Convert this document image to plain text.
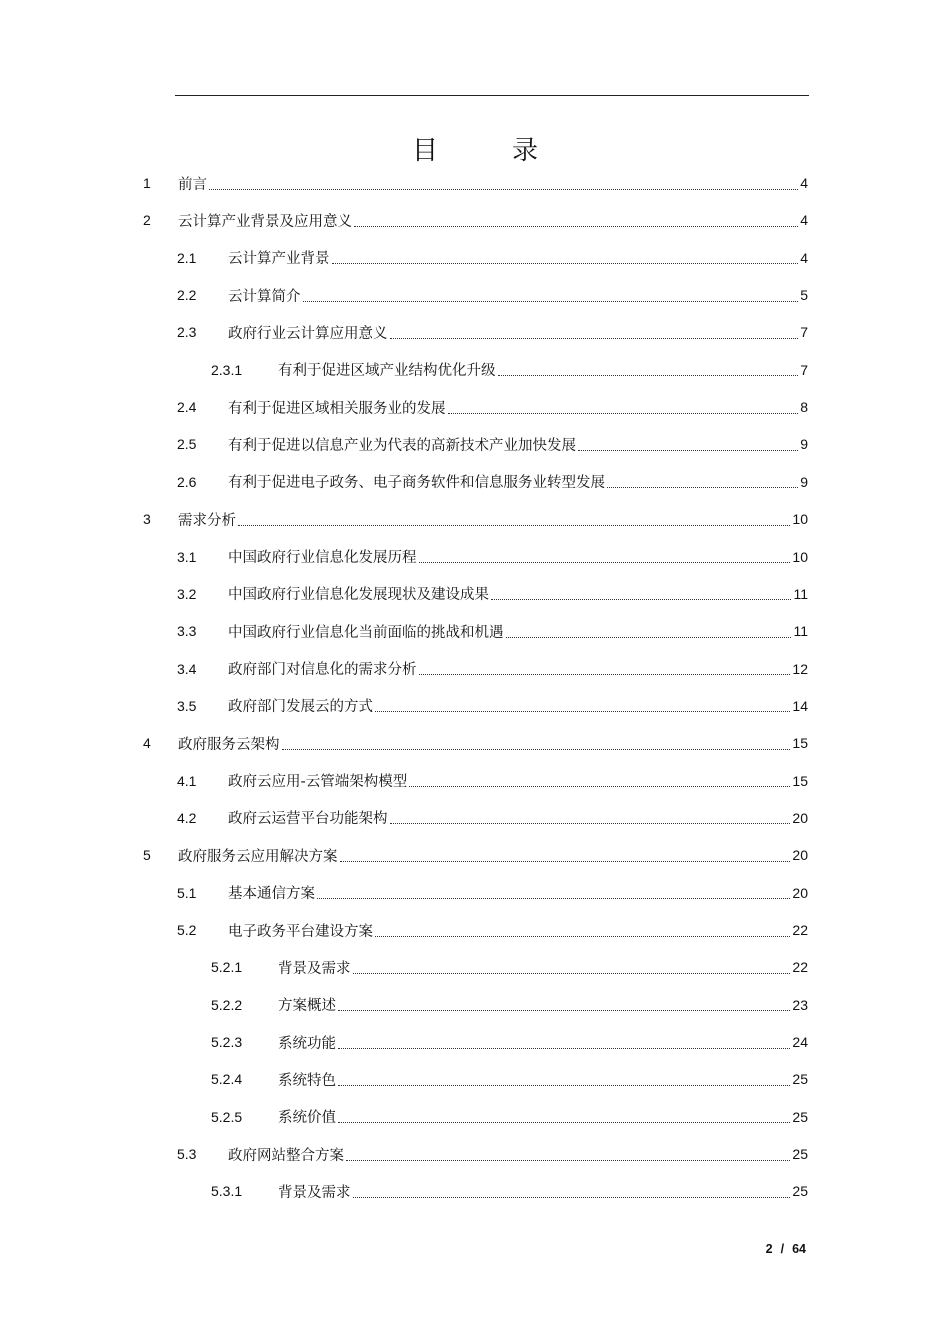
目　录
1 前言	4
2 云计算产业背景及应用意义	4
2.1 云计算产业背景	4
2.2 云计算简介	5
2.3 政府行业云计算应用意义	7
2.3.1 有利于促进区域产业结构优化升级	7
2.4 有利于促进区域相关服务业的发展	8
2.5 有利于促进以信息产业为代表的高新技术产业加快发展	9
2.6 有利于促进电子政务、电子商务软件和信息服务业转型发展	9
3 需求分析	10
3.1 中国政府行业信息化发展历程	10
3.2 中国政府行业信息化发展现状及建设成果	11
3.3 中国政府行业信息化当前面临的挑战和机遇	11
3.4 政府部门对信息化的需求分析	12
3.5 政府部门发展云的方式	14
4 政府服务云架构	15
4.1 政府云应用-云管端架构模型	15
4.2 政府云运营平台功能架构	20
5 政府服务云应用解决方案	20
5.1 基本通信方案	20
5.2 电子政务平台建设方案	22
5.2.1 背景及需求	22
5.2.2 方案概述	23
5.2.3 系统功能	24
5.2.4 系统特色	25
5.2.5 系统价值	25
5.3 政府网站整合方案	25
5.3.1 背景及需求	25
2 / 64
